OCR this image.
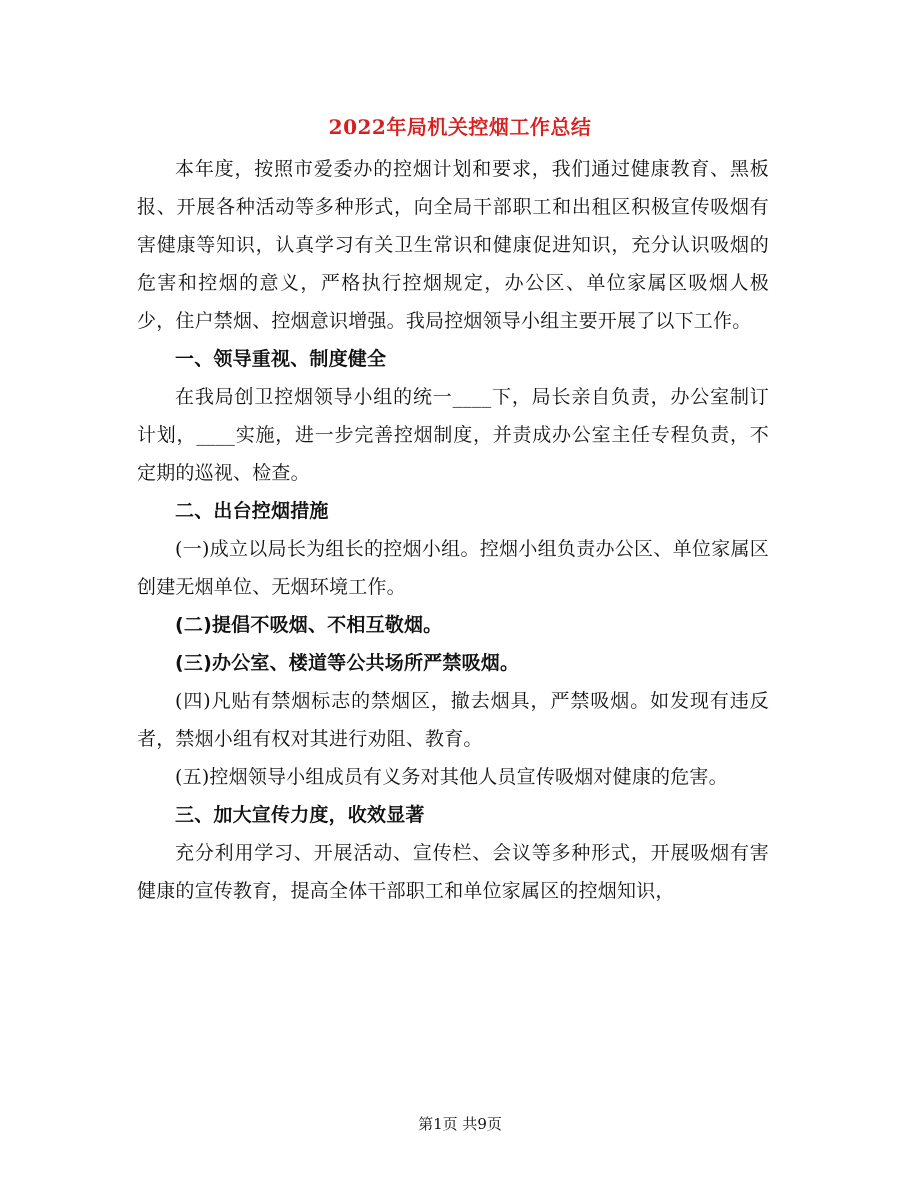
2022年局机关控烟工作总结

本年度，按照市爱委办的控烟计划和要求，我们通过健康教育、黑板报、开展各种活动等多种形式，向全局干部职工和出租区积极宣传吸烟有害健康等知识，认真学习有关卫生常识和健康促进知识，充分认识吸烟的危害和控烟的意义，严格执行控烟规定，办公区、单位家属区吸烟人极少，住户禁烟、控烟意识增强。我局控烟领导小组主要开展了以下工作。

一、领导重视、制度健全

在我局创卫控烟领导小组的统一____下，局长亲自负责，办公室制订计划，____实施，进一步完善控烟制度，并责成办公室主任专程负责，不定期的巡视、检查。

二、出台控烟措施

(一)成立以局长为组长的控烟小组。控烟小组负责办公区、单位家属区创建无烟单位、无烟环境工作。

(二)提倡不吸烟、不相互敬烟。

(三)办公室、楼道等公共场所严禁吸烟。

(四)凡贴有禁烟标志的禁烟区，撤去烟具，严禁吸烟。如发现有违反者，禁烟小组有权对其进行劝阻、教育。

(五)控烟领导小组成员有义务对其他人员宣传吸烟对健康的危害。

三、加大宣传力度，收效显著

充分利用学习、开展活动、宣传栏、会议等多种形式，开展吸烟有害健康的宣传教育，提高全体干部职工和单位家属区的控烟知识，

第1页 共9页
